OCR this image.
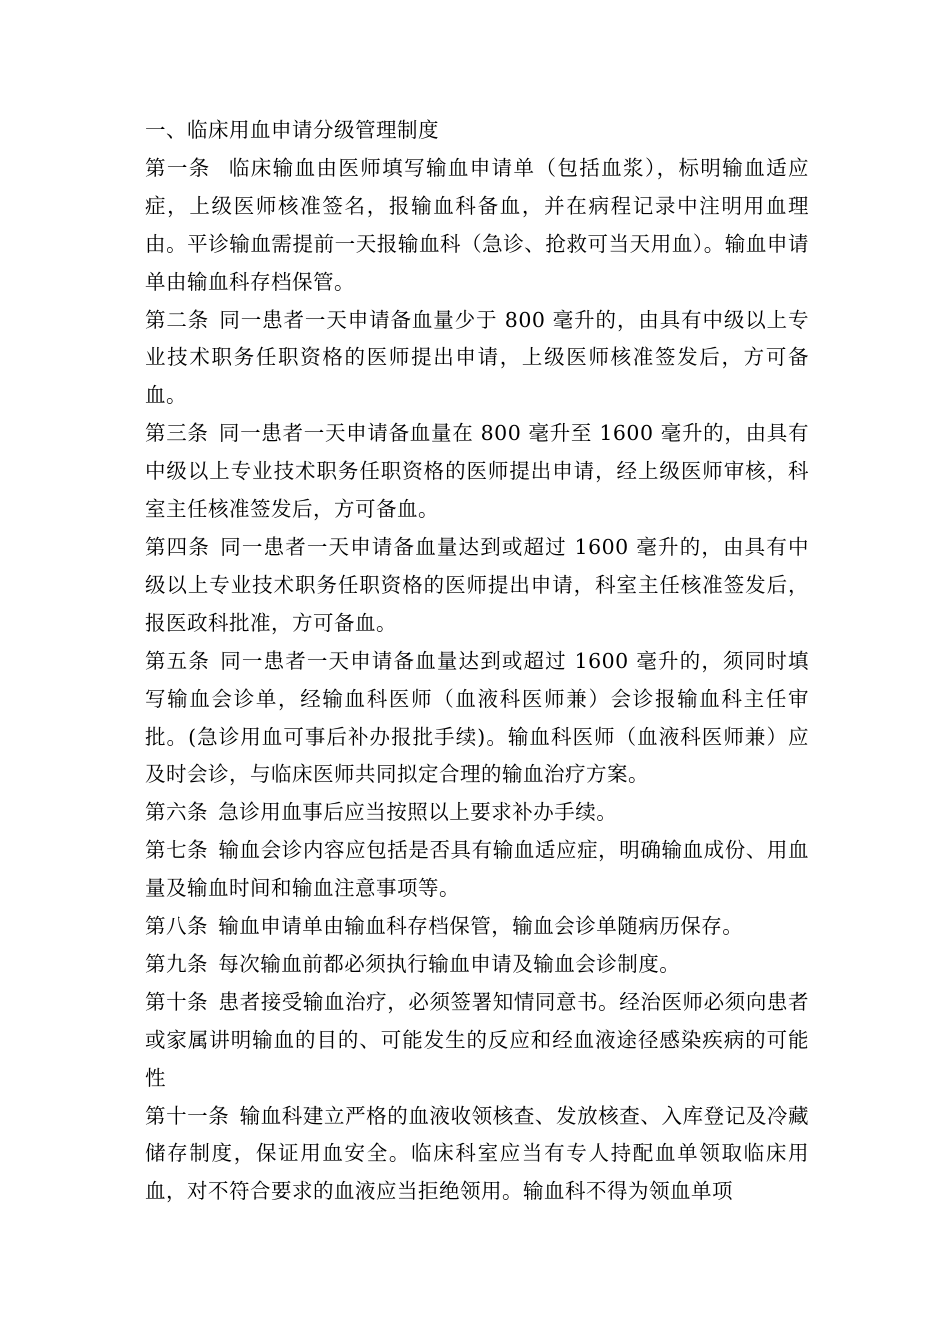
一、临床用血申请分级管理制度

第一条 临床输血由医师填写输血申请单（包括血浆），标明输血适应症，上级医师核准签名，报输血科备血，并在病程记录中注明用血理由。平诊输血需提前一天报输血科（急诊、抢救可当天用血）。输血申请单由输血科存档保管。

第二条 同一患者一天申请备血量少于 800 毫升的，由具有中级以上专业技术职务任职资格的医师提出申请，上级医师核准签发后，方可备血。

第三条 同一患者一天申请备血量在 800 毫升至 1600 毫升的，由具有中级以上专业技术职务任职资格的医师提出申请，经上级医师审核，科室主任核准签发后，方可备血。

第四条 同一患者一天申请备血量达到或超过 1600 毫升的，由具有中级以上专业技术职务任职资格的医师提出申请，科室主任核准签发后，报医政科批准，方可备血。

第五条 同一患者一天申请备血量达到或超过 1600 毫升的，须同时填写输血会诊单，经输血科医师（血液科医师兼）会诊报输血科主任审批。(急诊用血可事后补办报批手续)。输血科医师（血液科医师兼）应及时会诊，与临床医师共同拟定合理的输血治疗方案。

第六条 急诊用血事后应当按照以上要求补办手续。

第七条 输血会诊内容应包括是否具有输血适应症，明确输血成份、用血量及输血时间和输血注意事项等。

第八条 输血申请单由输血科存档保管，输血会诊单随病历保存。

第九条 每次输血前都必须执行输血申请及输血会诊制度。

第十条 患者接受输血治疗，必须签署知情同意书。经治医师必须向患者或家属讲明输血的目的、可能发生的反应和经血液途径感染疾病的可能性

第十一条 输血科建立严格的血液收领核查、发放核查、入库登记及冷藏储存制度，保证用血安全。临床科室应当有专人持配血单领取临床用血，对不符合要求的血液应当拒绝领用。输血科不得为领血单项
